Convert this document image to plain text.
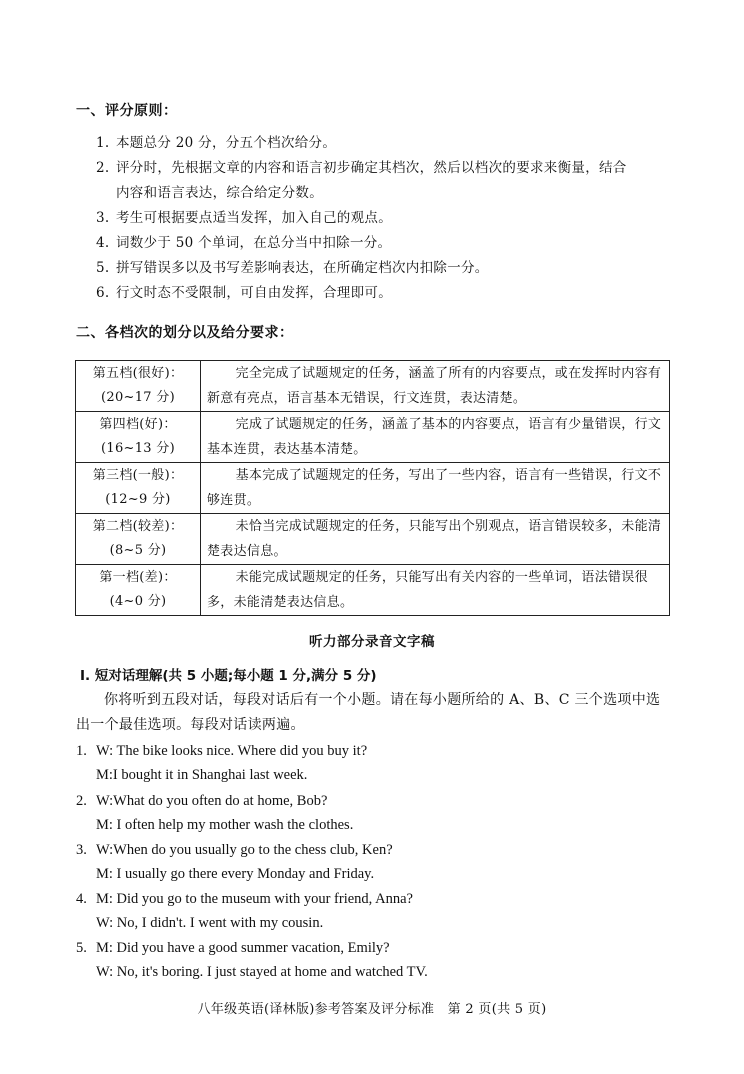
一、评分原则：
1. 本题总分 20 分，分五个档次给分。
2. 评分时，先根据文章的内容和语言初步确定其档次，然后以档次的要求来衡量，结合
内容和语言表达，综合给定分数。
3. 考生可根据要点适当发挥，加入自己的观点。
4. 词数少于 50 个单词，在总分当中扣除一分。
5. 拼写错误多以及书写差影响表达，在所确定档次内扣除一分。
6. 行文时态不受限制，可自由发挥，合理即可。
二、各档次的划分以及给分要求：
第五档(很好)：
(20~17 分)	完全完成了试题规定的任务，涵盖了所有的内容要点，或在发挥时内容有新意有亮点，语言基本无错误，行文连贯，表达清楚。

第四档(好)：
(16~13 分)	完成了试题规定的任务，涵盖了基本的内容要点，语言有少量错误，行文基本连贯，表达基本清楚。

第三档(一般)：
(12~9 分)	基本完成了试题规定的任务，写出了一些内容，语言有一些错误，行文不够连贯。

第二档(较差)：
(8~5 分)	未恰当完成试题规定的任务，只能写出个别观点，语言错误较多，未能清楚表达信息。

第一档(差)：
(4~0 分)	未能完成试题规定的任务，只能写出有关内容的一些单词，语法错误很多，未能清楚表达信息。
听力部分录音文字稿
Ⅰ. 短对话理解(共 5 小题;每小题 1 分,满分 5 分)
你将听到五段对话，每段对话后有一个小题。请在每小题所给的 A、B、C 三个选项中选出一个最佳选项。每段对话读两遍。
1. W: The bike looks nice. Where did you buy it?
M:I bought it in Shanghai last week.
2. W:What do you often do at home, Bob?
M: I often help my mother wash the clothes.
3. W:When do you usually go to the chess club, Ken?
M: I usually go there every Monday and Friday.
4. M: Did you go to the museum with your friend, Anna?
W: No, I didn't. I went with my cousin.
5. M: Did you have a good summer vacation, Emily?
W: No, it's boring. I just stayed at home and watched TV.
八年级英语(译林版)参考答案及评分标准　第 2 页(共 5 页)
